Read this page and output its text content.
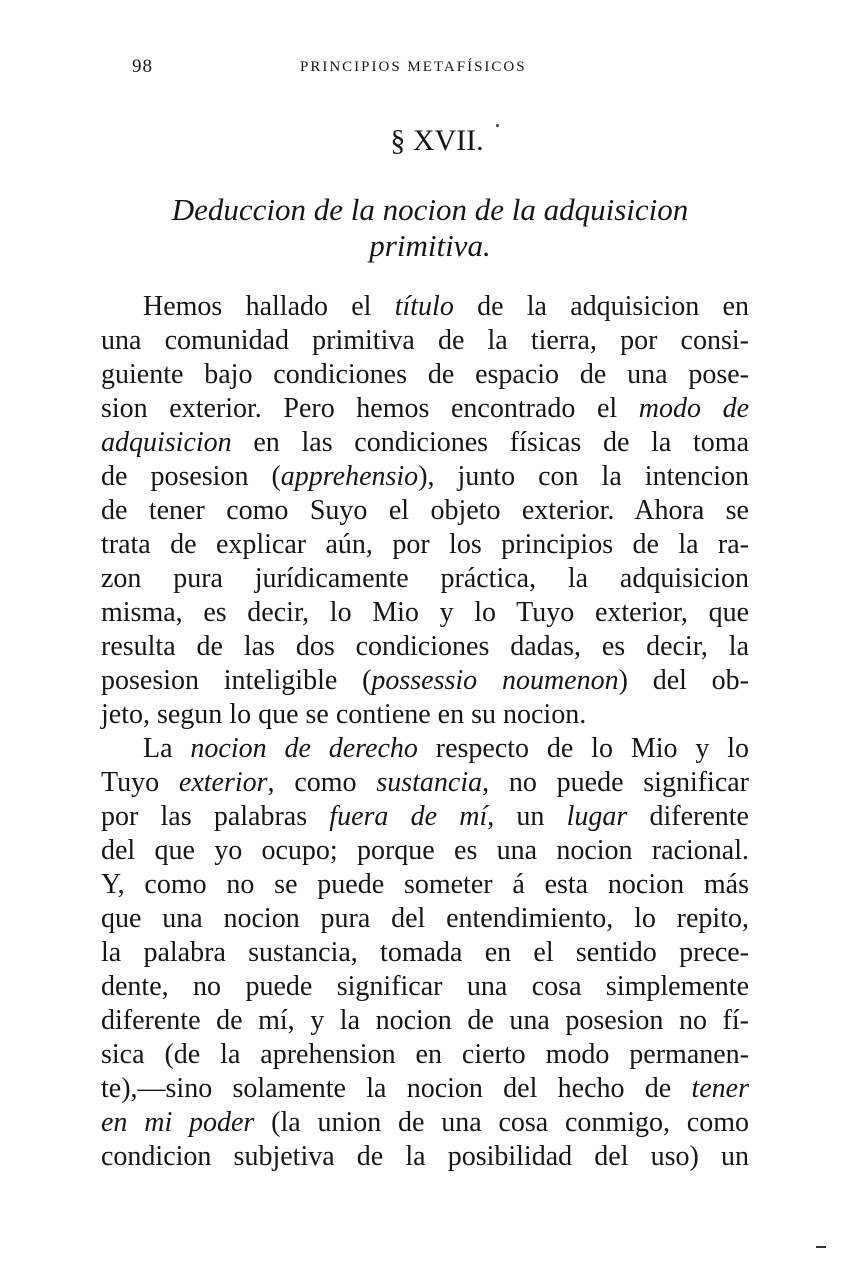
98	PRINCIPIOS METAFÍSICOS
§ XVII.
Deduccion de la nocion de la adquisicion
primitiva.
Hemos hallado el título de la adquisicion en
una comunidad primitiva de la tierra, por consi-
guiente bajo condiciones de espacio de una pose-
sion exterior. Pero hemos encontrado el modo de
adquisicion en las condiciones físicas de la toma
de posesion (apprehensio), junto con la intencion
de tener como Suyo el objeto exterior. Ahora se
trata de explicar aún, por los principios de la ra-
zon pura jurídicamente práctica, la adquisicion
misma, es decir, lo Mio y lo Tuyo exterior, que
resulta de las dos condiciones dadas, es decir, la
posesion inteligible (possessio noumenon) del ob-
jeto, segun lo que se contiene en su nocion.
La nocion de derecho respecto de lo Mio y lo
Tuyo exterior, como sustancia, no puede significar
por las palabras fuera de mí, un lugar diferente
del que yo ocupo; porque es una nocion racional.
Y, como no se puede someter á esta nocion más
que una nocion pura del entendimiento, lo repito,
la palabra sustancia, tomada en el sentido prece-
dente, no puede significar una cosa simplemente
diferente de mí, y la nocion de una posesion no fí-
sica (de la aprehension en cierto modo permanen-
te),—sino solamente la nocion del hecho de tener
en mi poder (la union de una cosa conmigo, como
condicion subjetiva de la posibilidad del uso) un
